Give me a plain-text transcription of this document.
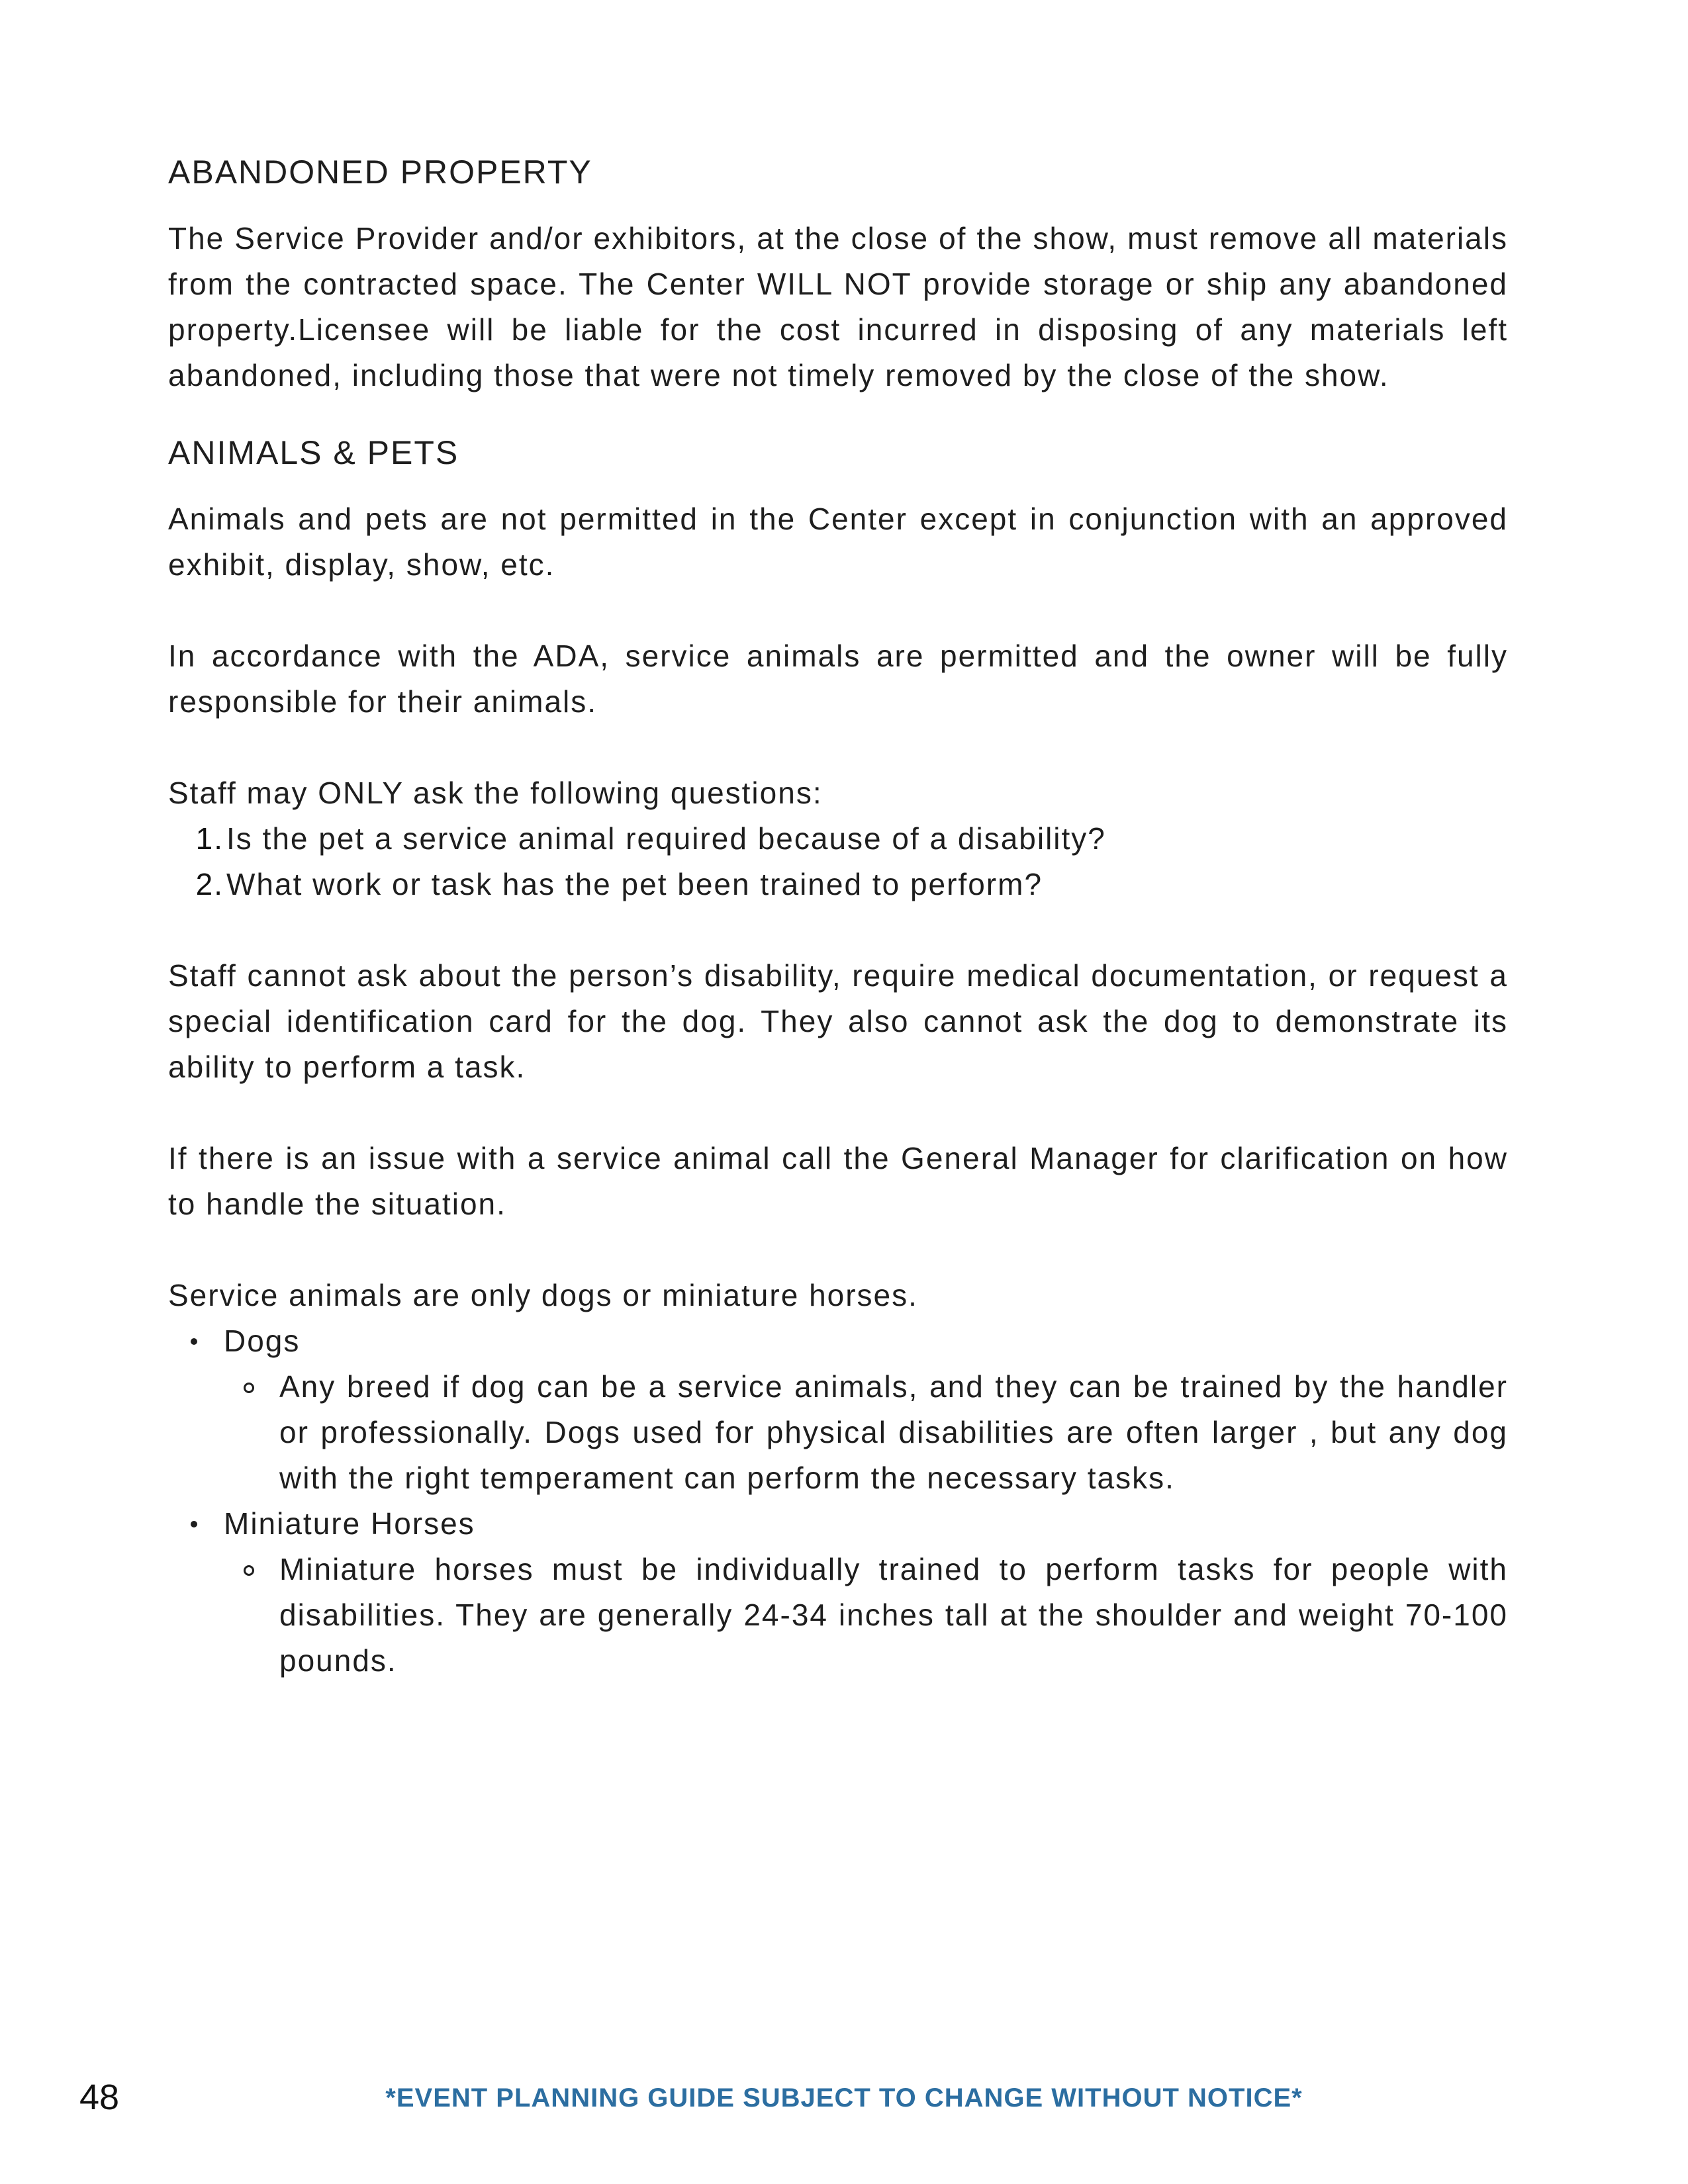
ABANDONED PROPERTY

The Service Provider and/or exhibitors, at the close of the show, must remove all materials from the contracted space. The Center WILL NOT provide storage or ship any abandoned property.Licensee will be liable for the cost incurred in disposing of any materials left abandoned, including those that were not timely removed by the close of the show.

ANIMALS & PETS

Animals and pets are not permitted in the Center except in conjunction with an approved exhibit, display, show, etc.

In accordance with the ADA, service animals are permitted and the owner will be fully responsible for their animals.

Staff may ONLY ask the following questions:

1. Is the pet a service animal required because of a disability?
2. What work or task has the pet been trained to perform?

Staff cannot ask about the person’s disability, require medical documentation, or request a special identification card for the dog. They also cannot ask the dog to demonstrate its ability to perform a task.

If there is an issue with a service animal call the General Manager for clarification on how to handle the situation.

Service animals are only dogs or miniature horses.

Dogs
Any breed if dog can be a service animals, and they can be trained by the handler or professionally. Dogs used for physical disabilities are often larger , but any dog with the right temperament can perform the necessary tasks.
Miniature Horses
Miniature horses must be individually trained to perform tasks for people with disabilities. They are generally 24-34 inches tall at the shoulder and weight 70-100 pounds.
48	*EVENT PLANNING GUIDE SUBJECT TO CHANGE WITHOUT NOTICE*
